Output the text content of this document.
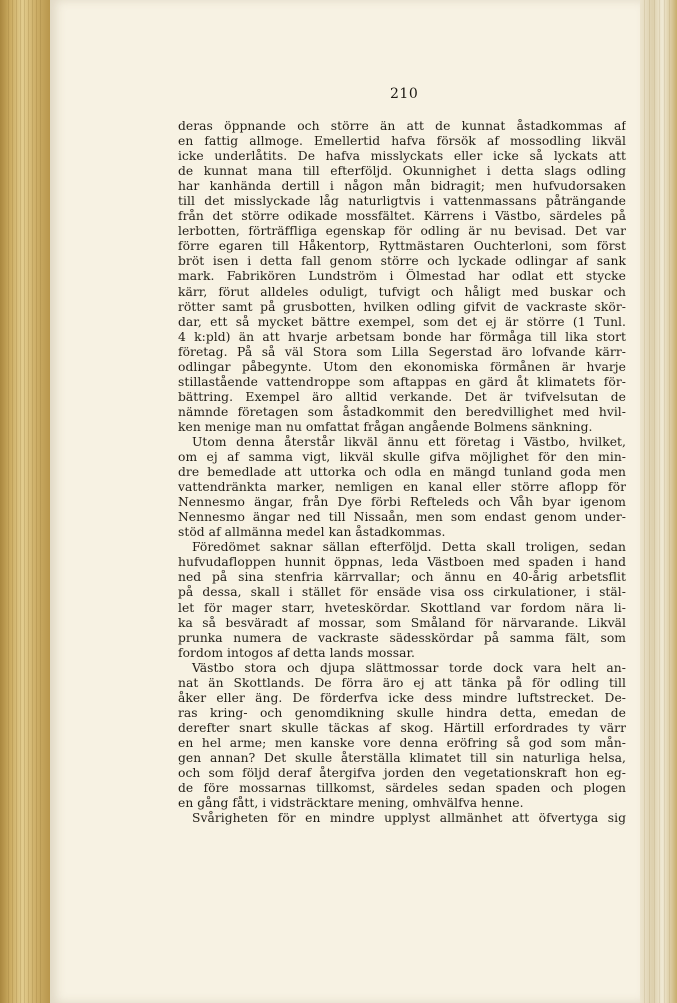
210
deras öppnande och större än att de kunnat åstadkommas af
en fattig allmoge. Emellertid hafva försök af mossodling likväl
icke underlåtits. De hafva misslyckats eller icke så lyckats att
de kunnat mana till efterföljd. Okunnighet i detta slags odling
har kanhända dertill i någon mån bidragit; men hufvudorsaken
till det misslyckade låg naturligtvis i vattenmassans påträngande
från det större odikade mossfältet. Kärrens i Västbo, särdeles på
lerbotten, förträffliga egenskap för odling är nu bevisad. Det var
förre egaren till Håkentorp, Ryttmästaren Ouchterloni, som först
bröt isen i detta fall genom större och lyckade odlingar af sank
mark. Fabrikören Lundström i Ölmestad har odlat ett stycke
kärr, förut alldeles oduligt, tufvigt och håligt med buskar och
rötter samt på grusbotten, hvilken odling gifvit de vackraste skör-
dar, ett så mycket bättre exempel, som det ej är större (1 Tunl.
4 k:pld) än att hvarje arbetsam bonde har förmåga till lika stort
företag. På så väl Stora som Lilla Segerstad äro lofvande kärr-
odlingar påbegynte. Utom den ekonomiska förmånen är hvarje
stillastående vattendroppe som aftappas en gärd åt klimatets för-
bättring. Exempel äro alltid verkande. Det är tvifvelsutan de
nämnde företagen som åstadkommit den beredvillighet med hvil-
ken menige man nu omfattat frågan angående Bolmens sänkning.
Utom denna återstår likväl ännu ett företag i Västbo, hvilket,
om ej af samma vigt, likväl skulle gifva möjlighet för den min-
dre bemedlade att uttorka och odla en mängd tunland goda men
vattendränkta marker, nemligen en kanal eller större aflopp för
Nennesmo ängar, från Dye förbi Refteleds och Våh byar igenom
Nennesmo ängar ned till Nissaån, men som endast genom under-
stöd af allmänna medel kan åstadkommas.
Föredömet saknar sällan efterföljd. Detta skall troligen, sedan
hufvudafloppen hunnit öppnas, leda Västboen med spaden i hand
ned på sina stenfria kärrvallar; och ännu en 40-årig arbetsflit
på dessa, skall i stället för ensäde visa oss cirkulationer, i stäl-
let för mager starr, hveteskördar. Skottland var fordom nära li-
ka så besväradt af mossar, som Småland för närvarande. Likväl
prunka numera de vackraste sädesskördar på samma fält, som
fordom intogos af detta lands mossar.
Västbo stora och djupa slättmossar torde dock vara helt an-
nat än Skottlands. De förra äro ej att tänka på för odling till
åker eller äng. De förderfva icke dess mindre luftstrecket. De-
ras kring- och genomdikning skulle hindra detta, emedan de
derefter snart skulle täckas af skog. Härtill erfordrades ty värr
en hel arme; men kanske vore denna eröfring så god som mån-
gen annan? Det skulle återställa klimatet till sin naturliga helsa,
och som följd deraf återgifva jorden den vegetationskraft hon eg-
de före mossarnas tillkomst, särdeles sedan spaden och plogen
en gång fått, i vidsträcktare mening, omhvälfva henne.
Svårigheten för en mindre upplyst allmänhet att öfvertyga sig
